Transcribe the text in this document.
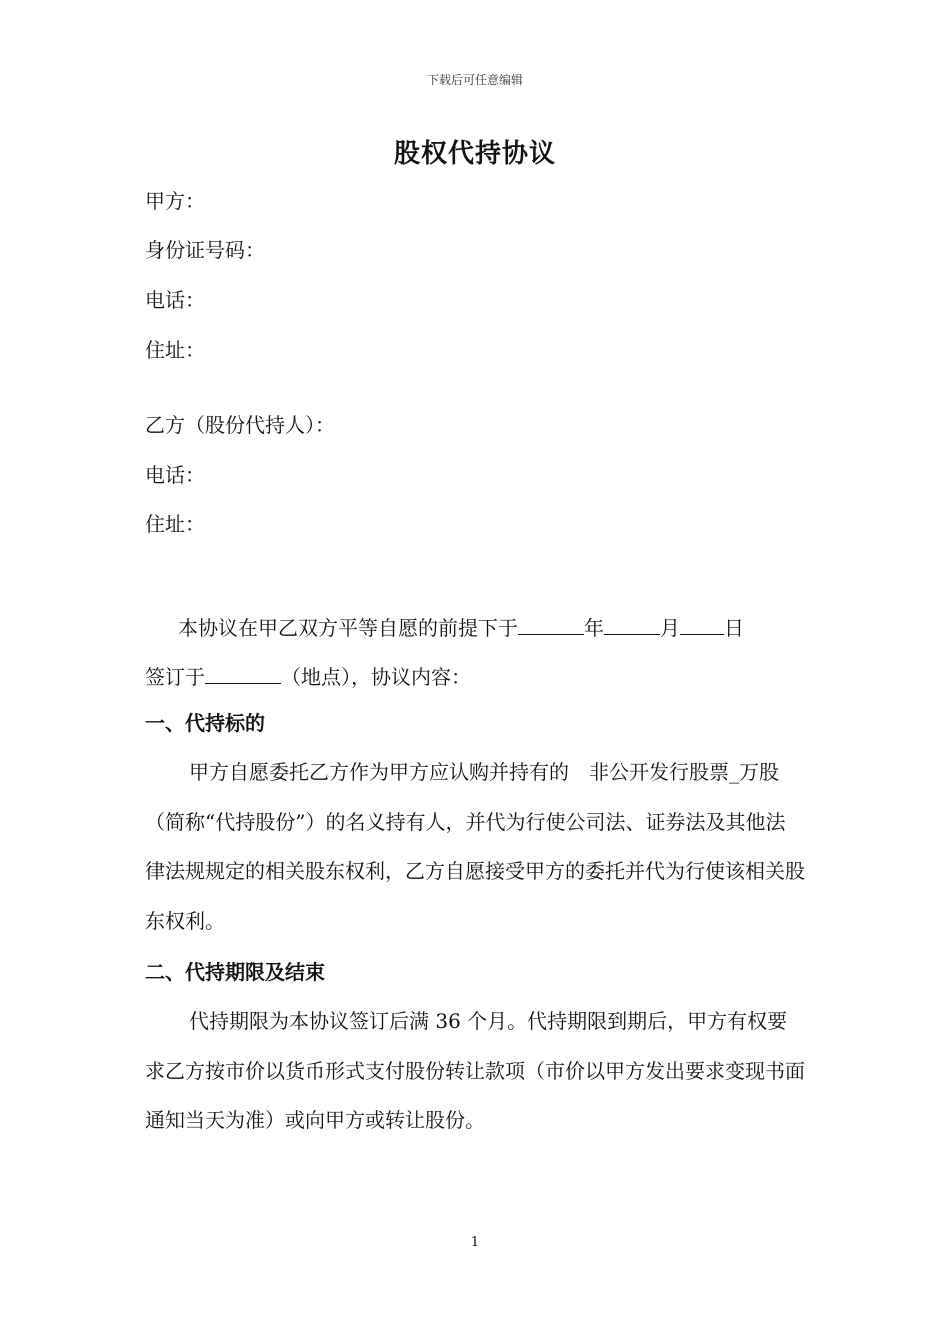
下载后可任意编辑
股权代持协议
甲方：
身份证号码：
电话：
住址：
乙方（股份代持人）：
电话：
住址：
本协议在甲乙双方平等自愿的前提下于	年	月 日
签订于	（地点），协议内容：
一、代持标的
甲方自愿委托乙方作为甲方应认购并持有的　非公开发行股票_万股（简称“代持股份”）的名义持有人，并代为行使公司法、证券法及其他法律法规规定的相关股东权利，乙方自愿接受甲方的委托并代为行使该相关股东权利。
二、代持期限及结束
代持期限为本协议签订后满 36 个月。代持期限到期后，甲方有权要求乙方按市价以货币形式支付股份转让款项（市价以甲方发出要求变现书面通知当天为准）或向甲方或转让股份。
1
